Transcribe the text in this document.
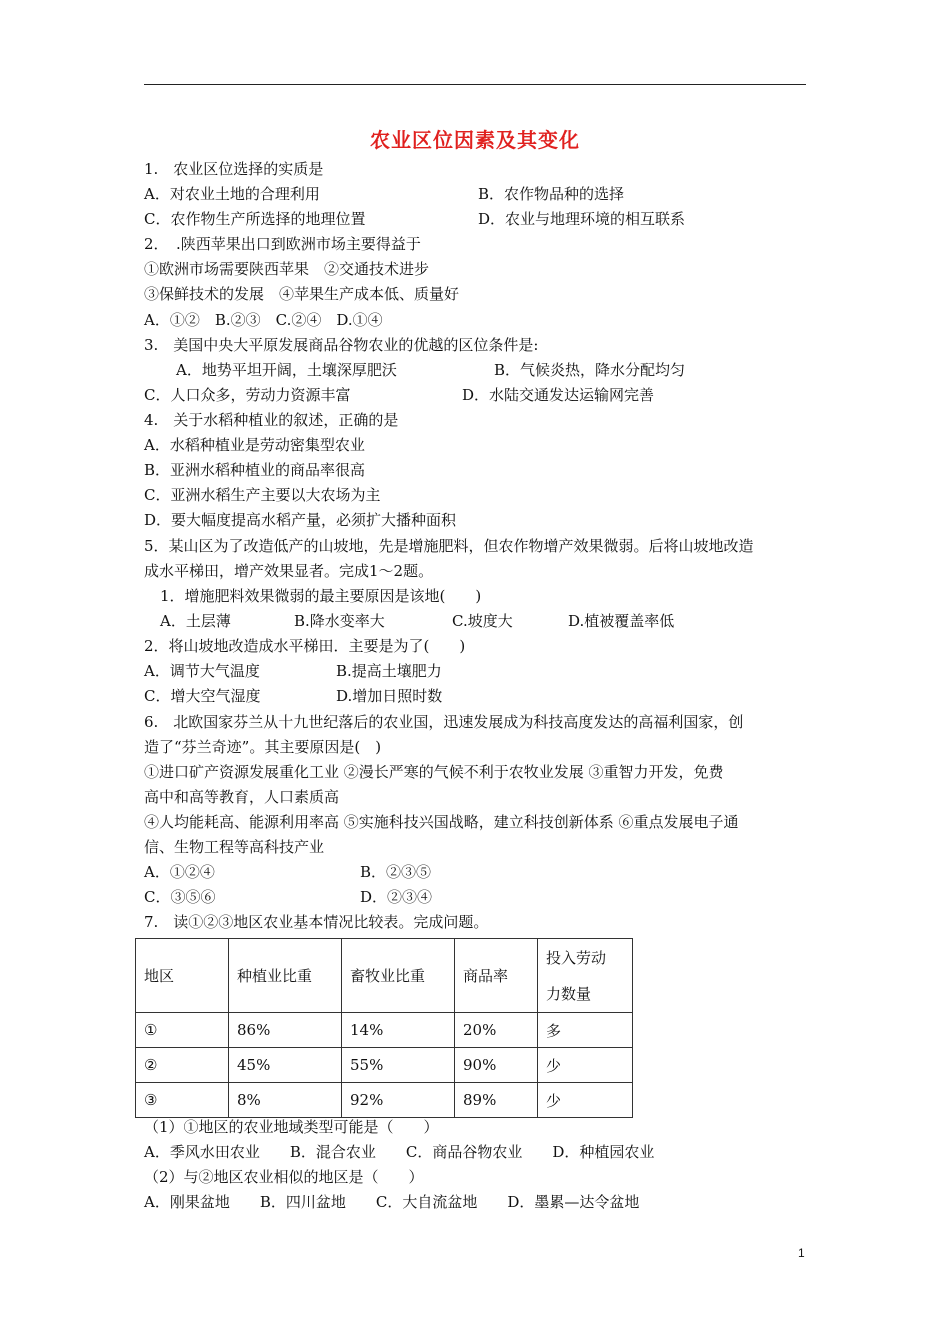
农业区位因素及其变化
1.　农业区位选择的实质是
A．对农业土地的合理利用	B．农作物品种的选择
C．农作物生产所选择的地理位置	D．农业与地理环境的相互联系
2．　.陕西苹果出口到欧洲市场主要得益于
①欧洲市场需要陕西苹果　②交通技术进步
③保鲜技术的发展　④苹果生产成本低、质量好
A．①②　B.②③　C.②④　D.①④
3.　美国中央大平原发展商品谷物农业的优越的区位条件是:
A．地势平坦开阔，土壤深厚肥沃	B．气候炎热，降水分配均匀
C．人口众多，劳动力资源丰富	D．水陆交通发达运输网完善
4.　关于水稻种植业的叙述，正确的是
A．水稻种植业是劳动密集型农业
B．亚洲水稻种植业的商品率很高
C．亚洲水稻生产主要以大农场为主
D．要大幅度提高水稻产量，必须扩大播种面积
5．某山区为了改造低产的山坡地，先是增施肥料，但农作物增产效果微弱。后将山坡地改造
成水平梯田，增产效果显者。完成1～2题。
1．增施肥料效果微弱的最主要原因是该地(　　)
A．土层薄	B.降水变率大	C.坡度大	D.植被覆盖率低
2．将山坡地改造成水平梯田．主要是为了(　　)
A．调节大气温度	B.提高土壤肥力
C．增大空气湿度	D.增加日照时数
6.　北欧国家芬兰从十九世纪落后的农业国，迅速发展成为科技高度发达的高福利国家，创
造了“芬兰奇迹”。其主要原因是(　)
①进口矿产资源发展重化工业 ②漫长严寒的气候不利于农牧业发展 ③重智力开发，免费
高中和高等教育，人口素质高
④人均能耗高、能源利用率高 ⑤实施科技兴国战略，建立科技创新体系 ⑥重点发展电子通
信、生物工程等高科技产业
A．①②④	B．②③⑤
C．③⑤⑥	D．②③④
7.　读①②③地区农业基本情况比较表。完成问题。
地区	种植业比重	畜牧业比重	商品率	投入劳动
力数量

①	86%	14%	20%	多
②	45%	55%	90%	少
③	8%	92%	89%	少
（1）①地区的农业地域类型可能是（　　）
A．季风水田农业　　B．混合农业　　C．商品谷物农业　　D．种植园农业
（2）与②地区农业相似的地区是（　　）
A．刚果盆地　　B．四川盆地　　C．大自流盆地　　D．墨累—达令盆地
1
